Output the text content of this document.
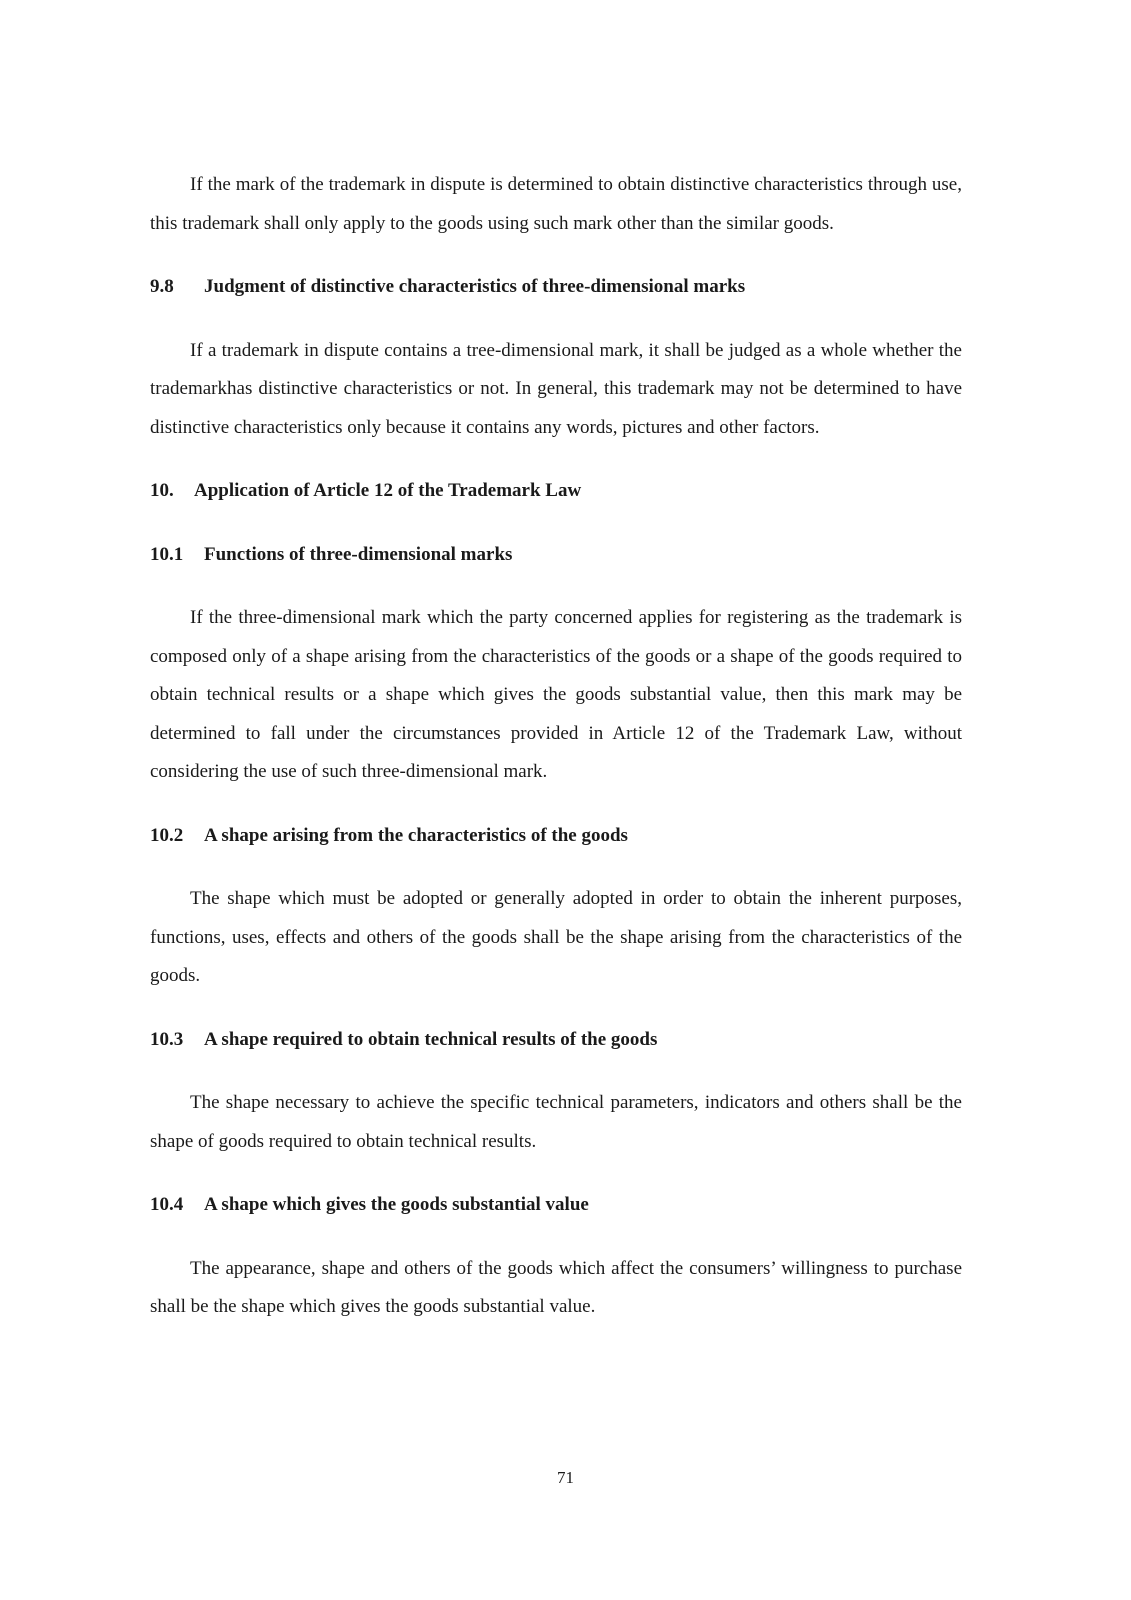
If the mark of the trademark in dispute is determined to obtain distinctive characteristics through use, this trademark shall only apply to the goods using such mark other than the similar goods.

9.8 Judgment of distinctive characteristics of three-dimensional marks

If a trademark in dispute contains a tree-dimensional mark, it shall be judged as a whole whether the trademarkhas distinctive characteristics or not. In general, this trademark may not be determined to have distinctive characteristics only because it contains any words, pictures and other factors.

10. Application of Article 12 of the Trademark Law

10.1 Functions of three-dimensional marks

If the three-dimensional mark which the party concerned applies for registering as the trademark is composed only of a shape arising from the characteristics of the goods or a shape of the goods required to obtain technical results or a shape which gives the goods substantial value, then this mark may be determined to fall under the circumstances provided in Article 12 of the Trademark Law, without considering the use of such three-dimensional mark.

10.2 A shape arising from the characteristics of the goods

The shape which must be adopted or generally adopted in order to obtain the inherent purposes, functions, uses, effects and others of the goods shall be the shape arising from the characteristics of the goods.

10.3 A shape required to obtain technical results of the goods

The shape necessary to achieve the specific technical parameters, indicators and others shall be the shape of goods required to obtain technical results.

10.4 A shape which gives the goods substantial value

The appearance, shape and others of the goods which affect the consumers’ willingness to purchase shall be the shape which gives the goods substantial value.

71
